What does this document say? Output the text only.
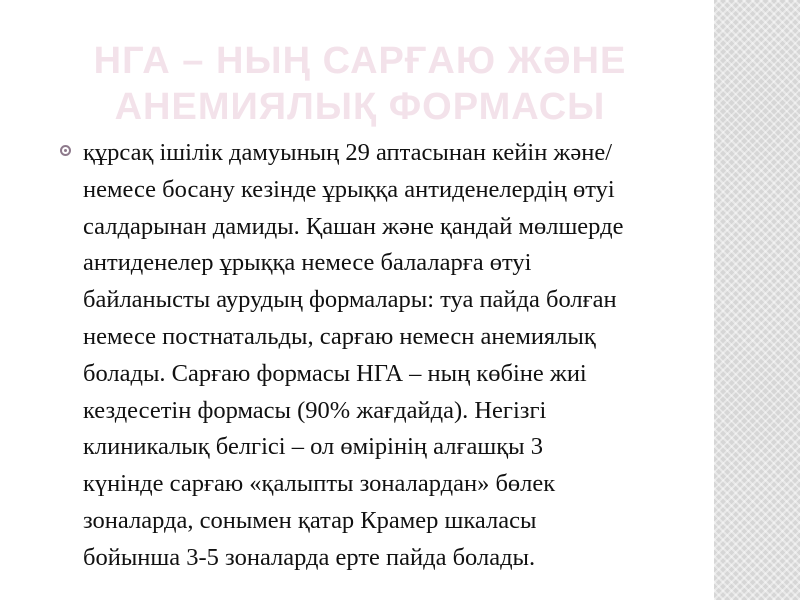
НГА – НЫҢ САРҒАЮ ЖӘНЕ
АНЕМИЯЛЫҚ ФОРМАСЫ
құрсақ ішілік дамуының 29 аптасынан кейін және/
немесе босану кезінде ұрыққа антиденелердің өтуі
салдарынан дамиды. Қашан және қандай мөлшерде
антиденелер ұрыққа немесе балаларға өтуі
байланысты аурудың формалары: туа пайда болған
немесе постнатальды, сарғаю немесн анемиялық
болады. Сарғаю формасы НГА – ның көбіне жиі
кездесетін формасы (90% жағдайда). Негізгі
клиникалық белгісі – ол өмірінің алғашқы 3
күнінде сарғаю «қалыпты зоналардан» бөлек
зоналарда, сонымен қатар Крамер шкаласы
бойынша 3-5 зоналарда ерте пайда болады.
